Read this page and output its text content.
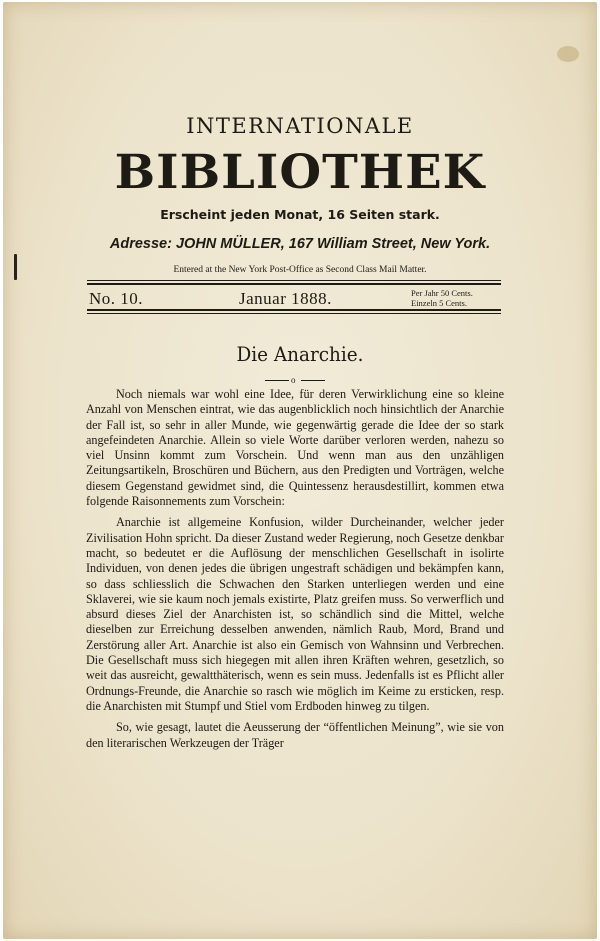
INTERNATIONALE
BIBLIOTHEK
Erscheint jeden Monat, 16 Seiten stark.
Adresse: JOHN MÜLLER, 167 William Street, New York.
Entered at the New York Post-Office as Second Class Mail Matter.
No. 10.	Januar 1888.	Per Jahr 50 Cents.
Einzeln 5 Cents.
Die Anarchie.
o

Noch niemals war wohl eine Idee, für deren Verwirklichung eine so kleine Anzahl von Menschen eintrat, wie das augenblicklich noch hinsichtlich der Anarchie der Fall ist, so sehr in aller Munde, wie gegenwärtig gerade die Idee der so stark angefeindeten Anarchie. Allein so viele Worte darüber verloren werden, nahezu so viel Unsinn kommt zum Vorschein. Und wenn man aus den unzähligen Zeitungsartikeln, Broschüren und Büchern, aus den Predigten und Vorträgen, welche diesem Gegenstand gewidmet sind, die Quintessenz herausdestillirt, kommen etwa folgende Raisonnements zum Vorschein:

Anarchie ist allgemeine Konfusion, wilder Durcheinander, welcher jeder Zivilisation Hohn spricht. Da dieser Zustand weder Regierung, noch Gesetze denkbar macht, so bedeutet er die Auflösung der menschlichen Gesellschaft in isolirte Individuen, von denen jedes die übrigen ungestraft schädigen und bekämpfen kann, so dass schliesslich die Schwachen den Starken unterliegen werden und eine Sklaverei, wie sie kaum noch jemals existirte, Platz greifen muss. So verwerflich und absurd dieses Ziel der Anarchisten ist, so schändlich sind die Mittel, welche dieselben zur Erreichung desselben anwenden, nämlich Raub, Mord, Brand und Zerstörung aller Art. Anarchie ist also ein Gemisch von Wahnsinn und Verbrechen. Die Gesellschaft muss sich hiegegen mit allen ihren Kräften wehren, gesetzlich, so weit das ausreicht, gewaltthäterisch, wenn es sein muss. Jedenfalls ist es Pflicht aller Ordnungs-Freunde, die Anarchie so rasch wie möglich im Keime zu ersticken, resp. die Anarchisten mit Stumpf und Stiel vom Erdboden hinweg zu tilgen.

So, wie gesagt, lautet die Aeusserung der “öffentlichen Meinung”, wie sie von den literarischen Werkzeugen der Träger
